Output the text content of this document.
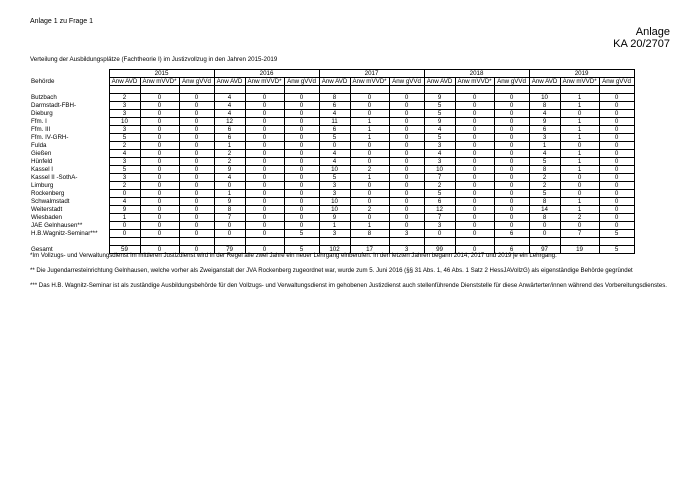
Anlage 1 zu Frage 1
Anlage
KA 20/2707
Verteilung der Ausbildungsplätze (Fachtheorie I) im Justizvollzug in den Jahren 2015-2019
	2015			2016			2017			2018			2019		
Behörde	Anw AVD	Anw mVVD*	Anw gVVd	Anw AVD	Anw mVVD*	Anw gVVd	Anw AVD	Anw mVVD*	Anw gVVd	Anw AVD	Anw mVVD*	Anw gVVd	Anw AVD	Anw mVVD*	Anw gVVd

Butzbach	2	0	0	4	0	0	8	0	0	9	0	0	10	1	0
Darmstadt-FBH-	3	0	0	4	0	0	6	0	0	5	0	0	8	1	0
Dieburg	3	0	0	4	0	0	4	0	0	5	0	0	4	0	0
Ffm. I	10	0	0	12	0	0	11	1	0	9	0	0	9	1	0
Ffm. III	3	0	0	6	0	0	6	1	0	4	0	0	6	1	0
Ffm. IV-GRH-	5	0	0	6	0	0	5	1	0	5	0	0	3	1	0
Fulda	2	0	0	1	0	0	0	0	0	3	0	0	1	0	0
Gießen	4	0	0	2	0	0	4	0	0	4	0	0	4	1	0
Hünfeld	3	0	0	2	0	0	4	0	0	3	0	0	5	1	0
Kassel I	5	0	0	9	0	0	10	2	0	10	0	0	8	1	0
Kassel II -SothA-	3	0	0	4	0	0	5	1	0	7	0	0	2	0	0
Limburg	2	0	0	0	0	0	3	0	0	2	0	0	2	0	0
Rockenberg	0	0	0	1	0	0	3	0	0	5	0	0	5	0	0
Schwalmstadt	4	0	0	9	0	0	10	0	0	6	0	0	8	1	0
Weiterstadt	9	0	0	8	0	0	10	2	0	12	0	0	14	1	0
Wiesbaden	1	0	0	7	0	0	9	0	0	7	0	0	8	2	0
JAE Gelnhausen**	0	0	0	0	0	0	1	1	0	3	0	0	0	0	0
H.B.Wagnitz-Seminar***	0	0	0	0	0	5	3	8	3	0	0	6	0	7	5

Gesamt	59	0	0	79	0	5	102	17	3	99	0	6	97	19	5

*Im Vollzugs- und Verwaltungsdienst im mittleren Justizdienst wird in der Regel alle zwei Jahre ein neuer Lehrgang einberufen. In den letzten Jahren begann 2014, 2017 und 2019 je ein Lehrgang.

** Die Jugendarresteinrichtung Gelnhausen, welche vorher als Zweiganstalt der JVA Rockenberg zugeordnet war, wurde zum 5. Juni 2016 (§§ 31 Abs. 1, 46 Abs. 1 Satz 2 HessJAVollzG) als eigenständige Behörde gegründet

*** Das H.B. Wagnitz-Seminar ist als zuständige Ausbildungsbehörde für den Vollzugs- und Verwaltungsdienst im gehobenen Justizdienst auch stellenführende Dienststelle für diese Anwärterter/innen während des Vorbereitungsdienstes.
